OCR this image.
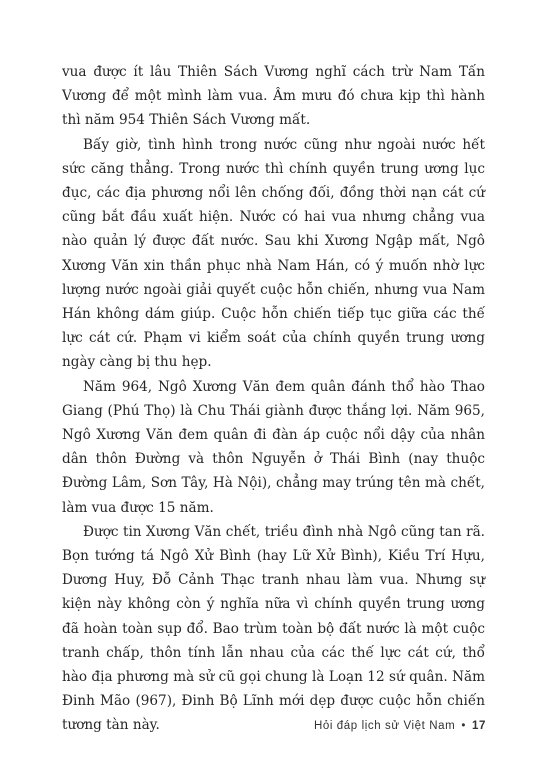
vua được ít lâu Thiên Sách Vương nghĩ cách trừ Nam Tấn Vương để một mình làm vua. Âm mưu đó chưa kịp thì hành thì năm 954 Thiên Sách Vương mất.

Bấy giờ, tình hình trong nước cũng như ngoài nước hết sức căng thẳng. Trong nước thì chính quyền trung ương lục đục, các địa phương nổi lên chống đối, đồng thời nạn cát cứ cũng bắt đầu xuất hiện. Nước có hai vua nhưng chẳng vua nào quản lý được đất nước. Sau khi Xương Ngập mất, Ngô Xương Văn xin thần phục nhà Nam Hán, có ý muốn nhờ lực lượng nước ngoài giải quyết cuộc hỗn chiến, nhưng vua Nam Hán không dám giúp. Cuộc hỗn chiến tiếp tục giữa các thế lực cát cứ. Phạm vi kiểm soát của chính quyền trung ương ngày càng bị thu hẹp.

Năm 964, Ngô Xương Văn đem quân đánh thổ hào Thao Giang (Phú Thọ) là Chu Thái giành được thắng lợi. Năm 965, Ngô Xương Văn đem quân đi đàn áp cuộc nổi dậy của nhân dân thôn Đường và thôn Nguyễn ở Thái Bình (nay thuộc Đường Lâm, Sơn Tây, Hà Nội), chẳng may trúng tên mà chết, làm vua được 15 năm.

Được tin Xương Văn chết, triều đình nhà Ngô cũng tan rã. Bọn tướng tá Ngô Xử Bình (hay Lữ Xử Bình), Kiều Trí Hựu, Dương Huy, Đỗ Cảnh Thạc tranh nhau làm vua. Nhưng sự kiện này không còn ý nghĩa nữa vì chính quyền trung ương đã hoàn toàn sụp đổ. Bao trùm toàn bộ đất nước là một cuộc tranh chấp, thôn tính lẫn nhau của các thế lực cát cứ, thổ hào địa phương mà sử cũ gọi chung là Loạn 12 sứ quân. Năm Đinh Mão (967), Đinh Bộ Lĩnh mới dẹp được cuộc hỗn chiến tương tàn này.	Hỏi đáp lịch sử Việt Nam • 17
